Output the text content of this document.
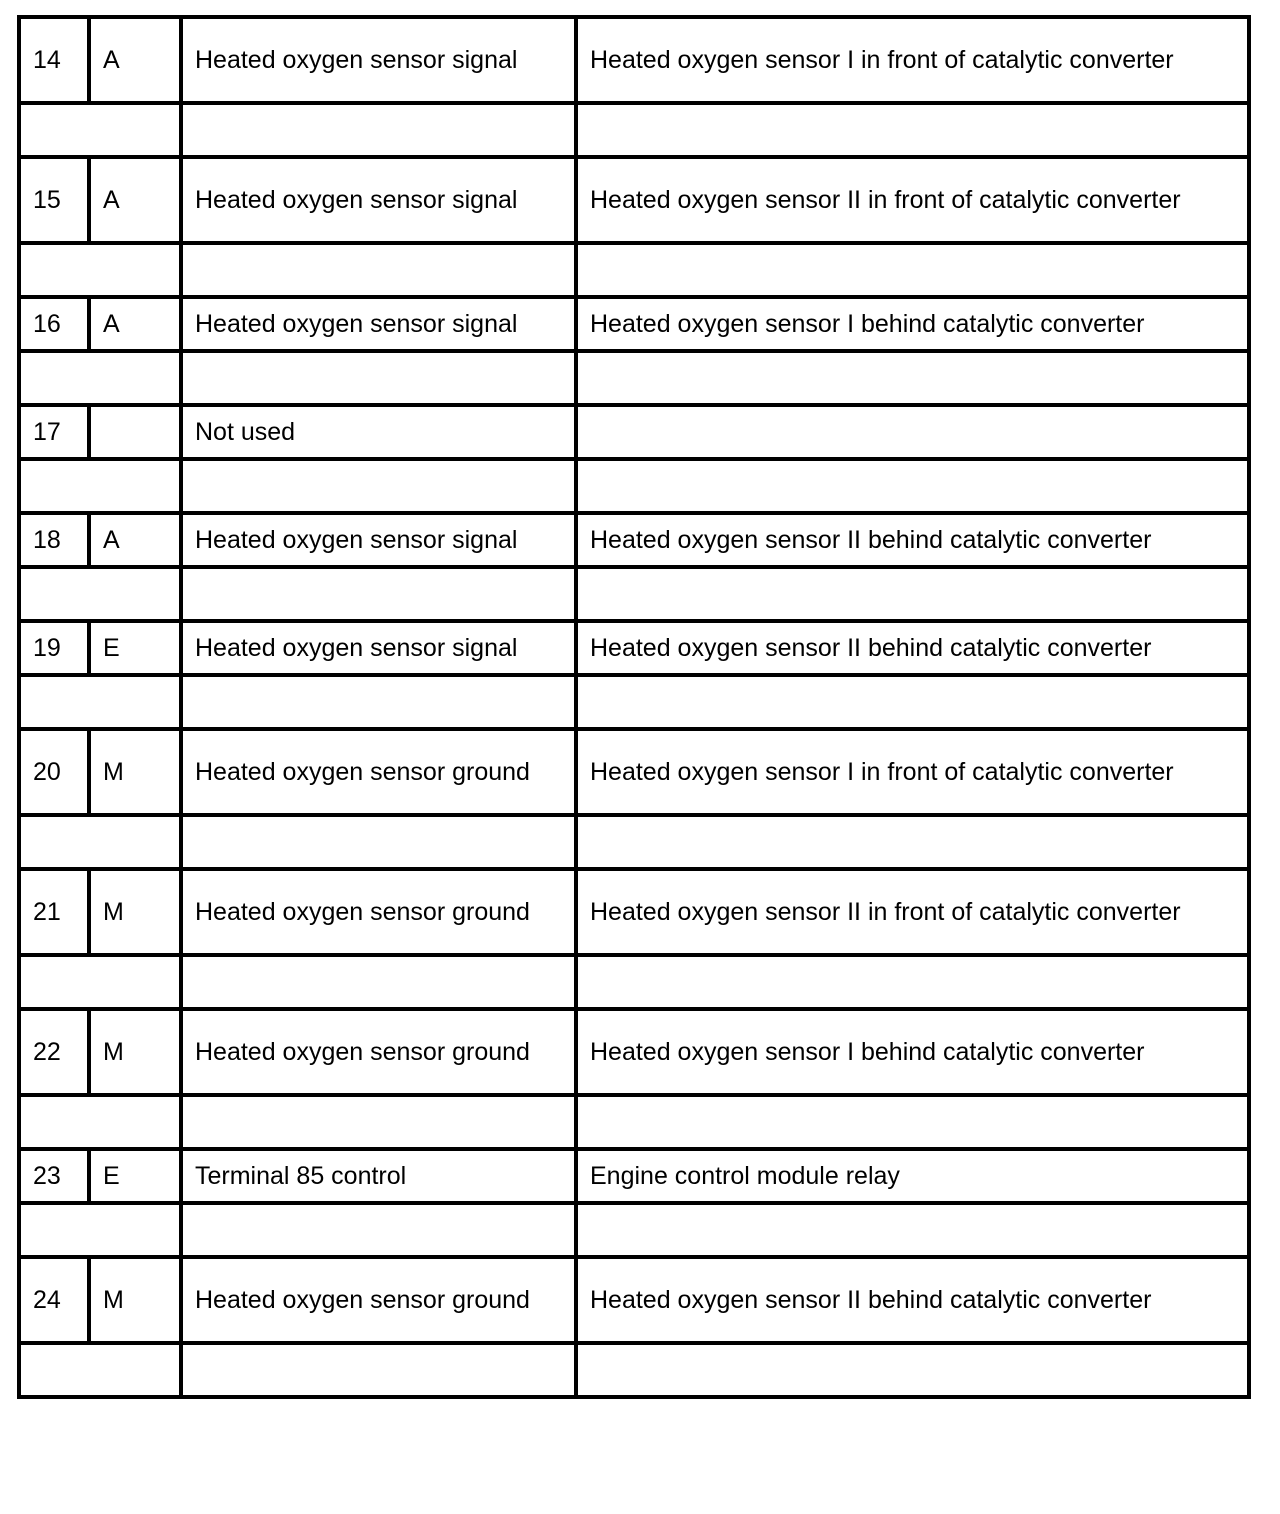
14	A	Heated oxygen sensor signal	Heated oxygen sensor I in front of catalytic converter

15	A	Heated oxygen sensor signal	Heated oxygen sensor II in front of catalytic converter

16	A	Heated oxygen sensor signal	Heated oxygen sensor I behind catalytic converter

17		Not used	

18	A	Heated oxygen sensor signal	Heated oxygen sensor II behind catalytic converter

19	E	Heated oxygen sensor signal	Heated oxygen sensor II behind catalytic converter

20	M	Heated oxygen sensor ground	Heated oxygen sensor I in front of catalytic converter

21	M	Heated oxygen sensor ground	Heated oxygen sensor II in front of catalytic converter

22	M	Heated oxygen sensor ground	Heated oxygen sensor I behind catalytic converter

23	E	Terminal 85 control	Engine control module relay

24	M	Heated oxygen sensor ground	Heated oxygen sensor II behind catalytic converter
